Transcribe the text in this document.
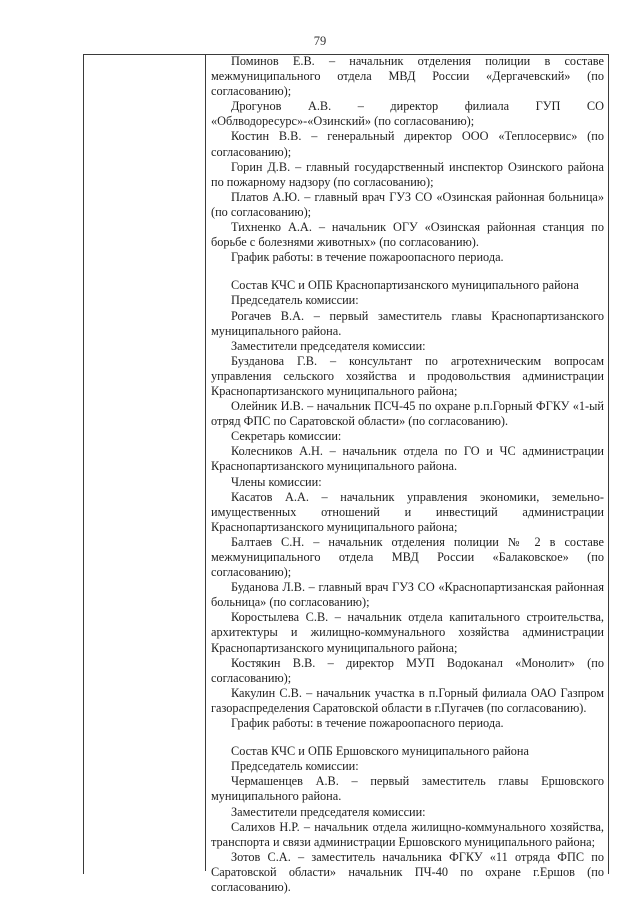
79
Поминов Е.В. – начальник отделения полиции в составе межмуниципального отдела МВД России «Дергачевский» (по согласованию);
Дрогунов А.В. – директор филиала ГУП СО «Облводоресурс»-«Озинский» (по согласованию);
Костин В.В. – генеральный директор ООО «Теплосервис» (по согласованию);
Горин Д.В. – главный государственный инспектор Озинского района по пожарному надзору (по согласованию);
Платов А.Ю. – главный врач ГУЗ СО «Озинская районная больница» (по согласованию);
Тихненко А.А. – начальник ОГУ «Озинская районная станция по борьбе с болезнями животных» (по согласованию).
График работы: в течение пожароопасного периода.
Состав КЧС и ОПБ Краснопартизанского муниципального района
Председатель комиссии:
Рогачев В.А. – первый заместитель главы Краснопартизанского муниципального района.
Заместители председателя комиссии:
Бузданова Г.В. – консультант по агротехническим вопросам управления сельского хозяйства и продовольствия администрации Краснопартизанского муниципального района;
Олейник И.В. – начальник ПСЧ-45 по охране р.п.Горный ФГКУ «1-ый отряд ФПС по Саратовской области» (по согласованию).
Секретарь комиссии:
Колесников А.Н. – начальник отдела по ГО и ЧС администрации Краснопартизанского муниципального района.
Члены комиссии:
Касатов А.А. – начальник управления экономики, земельно-имущественных отношений и инвестиций администрации Краснопартизанского муниципального района;
Балтаев С.Н. – начальник отделения полиции № 2 в составе межмуниципального отдела МВД России «Балаковское» (по согласованию);
Буданова Л.В. – главный врач ГУЗ СО «Краснопартизанская районная больница» (по согласованию);
Коростылева С.В. – начальник отдела капитального строительства, архитектуры и жилищно-коммунального хозяйства администрации Краснопартизанского муниципального района;
Костякин В.В. – директор МУП Водоканал «Монолит» (по согласованию);
Какулин С.В. – начальник участка в п.Горный филиала ОАО Газпром газораспределения Саратовской области в г.Пугачев (по согласованию).
График работы: в течение пожароопасного периода.
Состав КЧС и ОПБ Ершовского муниципального района
Председатель комиссии:
Чермашенцев А.В. – первый заместитель главы Ершовского муниципального района.
Заместители председателя комиссии:
Салихов Н.Р. – начальник отдела жилищно-коммунального хозяйства, транспорта и связи администрации Ершовского муниципального района;
Зотов С.А. – заместитель начальника ФГКУ «11 отряда ФПС по Саратовской области» начальник ПЧ-40 по охране г.Ершов (по согласованию).
